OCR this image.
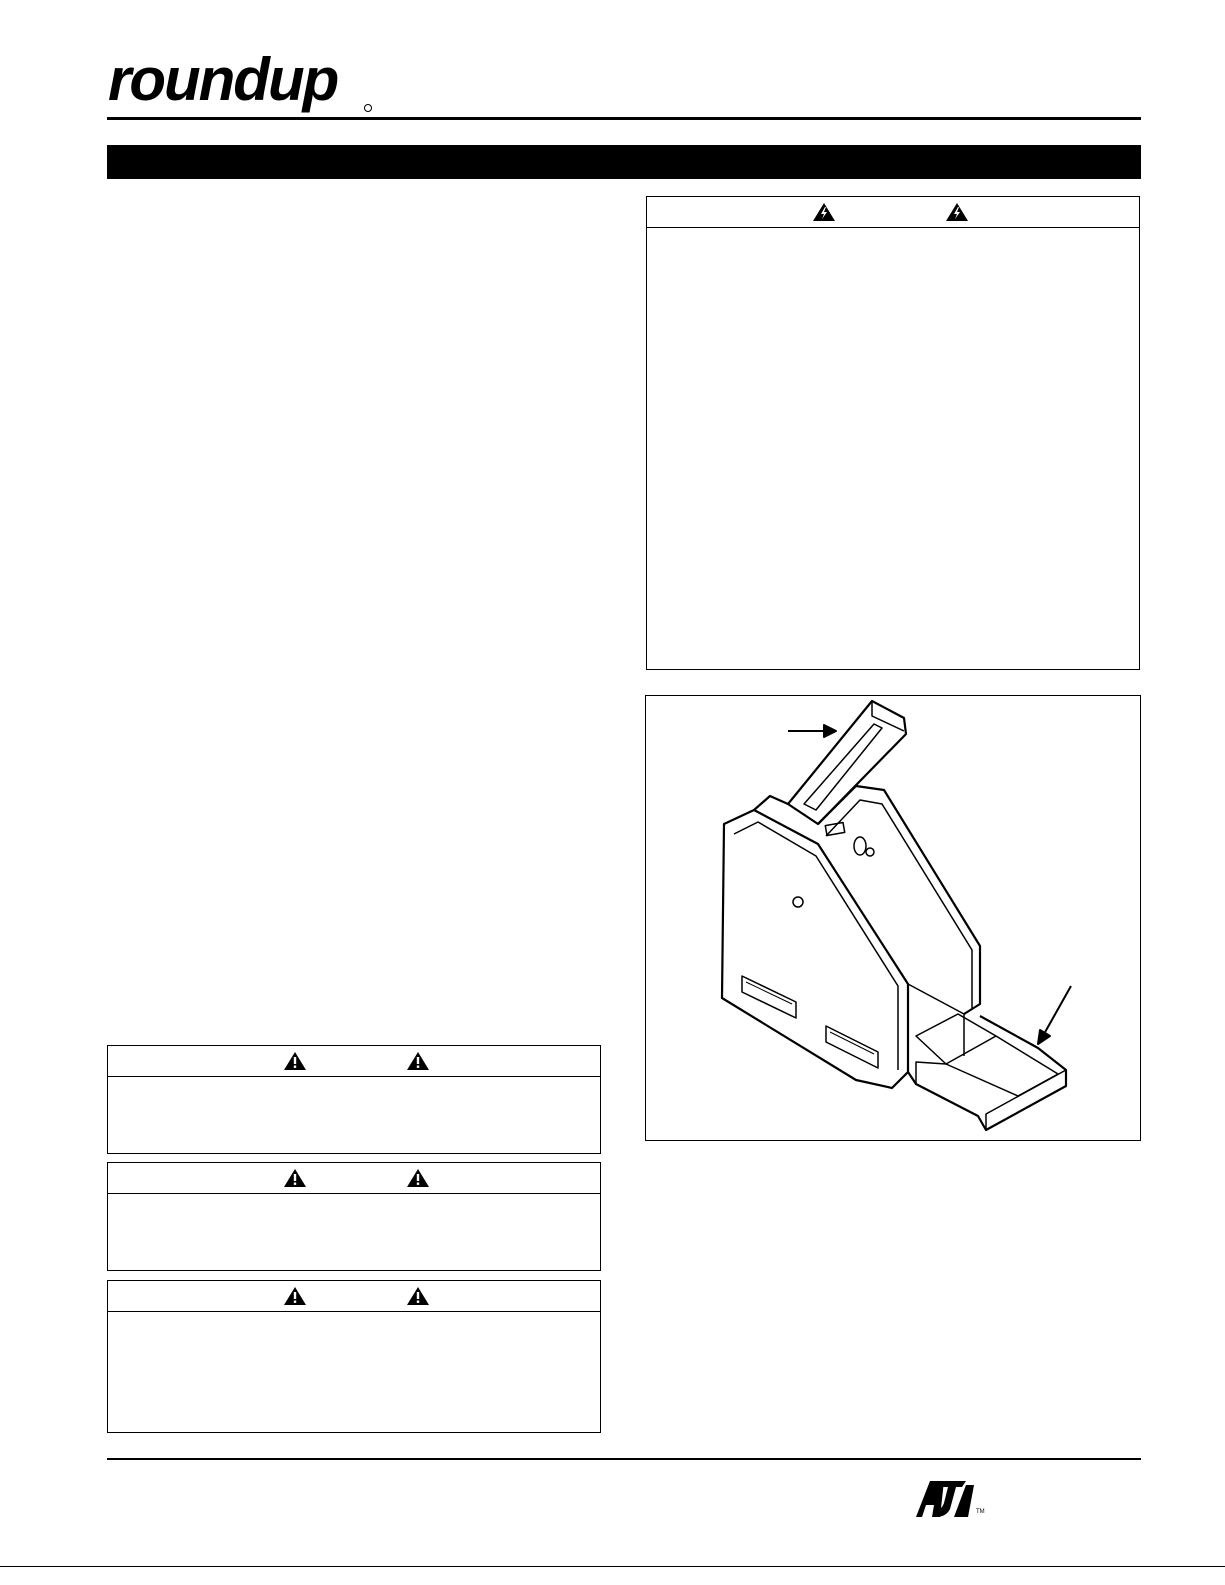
roundup
TM
